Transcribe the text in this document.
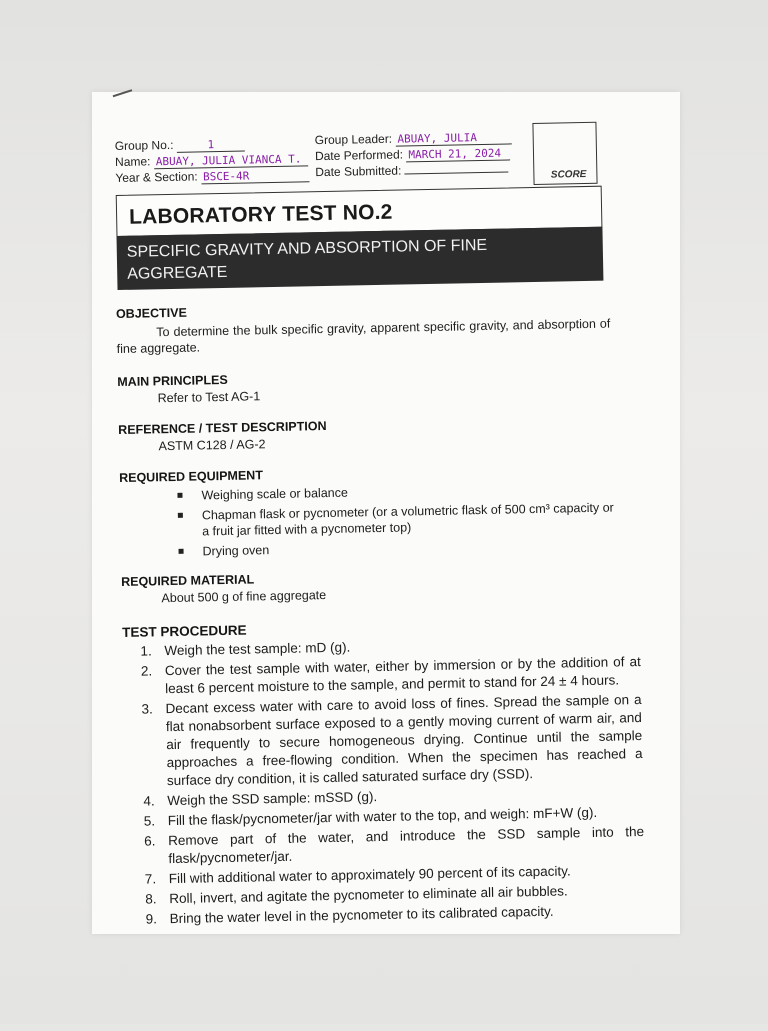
Group No.:	1
Name: ABUAY, JULIA VIANCA T.
Year & Section: BSCE-4R
Group Leader: ABUAY, JULIA
Date Performed: MARCH 21, 2024
Date Submitted:	SCORE
LABORATORY TEST NO.2
SPECIFIC GRAVITY AND ABSORPTION OF FINE AGGREGATE
OBJECTIVE
To determine the bulk specific gravity, apparent specific gravity, and absorption of fine aggregate.
MAIN PRINCIPLES
Refer to Test AG-1
REFERENCE / TEST DESCRIPTION
ASTM C128 / AG-2
REQUIRED EQUIPMENT
Weighing scale or balance
Chapman flask or pycnometer (or a volumetric flask of 500 cm³ capacity or a fruit jar fitted with a pycnometer top)
Drying oven
REQUIRED MATERIAL
About 500 g of fine aggregate
TEST PROCEDURE
1. Weigh the test sample: mD (g).
2. Cover the test sample with water, either by immersion or by the addition of at least 6 percent moisture to the sample, and permit to stand for 24 ± 4 hours.
3. Decant excess water with care to avoid loss of fines. Spread the sample on a flat nonabsorbent surface exposed to a gently moving current of warm air, and air frequently to secure homogeneous drying. Continue until the sample approaches a free-flowing condition. When the specimen has reached a surface dry condition, it is called saturated surface dry (SSD).
4. Weigh the SSD sample: mSSD (g).
5. Fill the flask/pycnometer/jar with water to the top, and weigh: mF+W (g).
6. Remove part of the water, and introduce the SSD sample into the flask/pycnometer/jar.
7. Fill with additional water to approximately 90 percent of its capacity.
8. Roll, invert, and agitate the pycnometer to eliminate all air bubbles.
9. Bring the water level in the pycnometer to its calibrated capacity.
